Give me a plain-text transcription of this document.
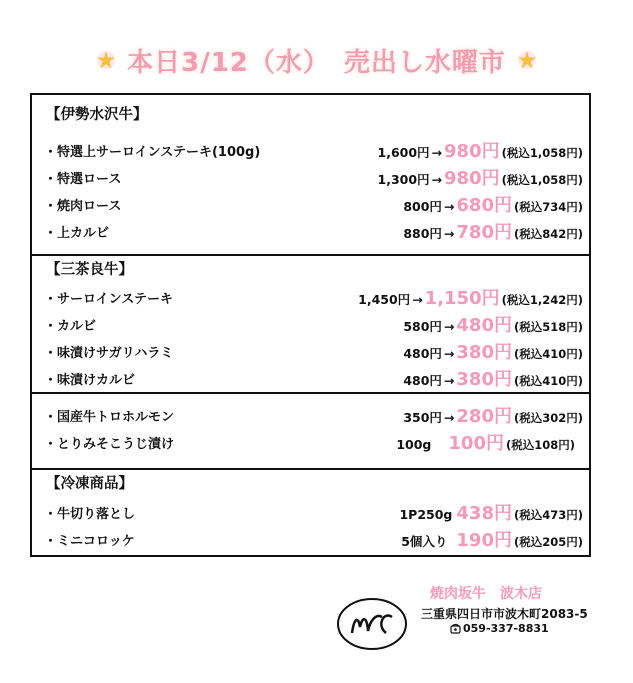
本日3/12（水）　売出し水曜市
【伊勢水沢牛】
・特選上サーロインステーキ(100g)	1,600円 → 980円 (税込1,058円)
・特選ロース	1,300円 → 980円 (税込1,058円)
・焼肉ロース	800円 → 680円 (税込734円)
・上カルビ	880円 → 780円 (税込842円)
【三茶良牛】
・サーロインステーキ	1,450円 → 1,150円 (税込1,242円)
・カルビ	580円 → 480円 (税込518円)
・味漬けサガリハラミ	480円 → 380円 (税込410円)
・味漬けカルビ	480円 → 380円 (税込410円)
・国産牛トロホルモン	350円 → 280円 (税込302円)
・とりみそこうじ漬け	100g 100円 (税込108円)
【冷凍商品】
・牛切り落とし	1P250g 438円 (税込473円)
・ミニコロッケ	5個入り 190円 (税込205円)
焼肉坂牛　波木店
三重県四日市市波木町2083-5
059-337-8831
